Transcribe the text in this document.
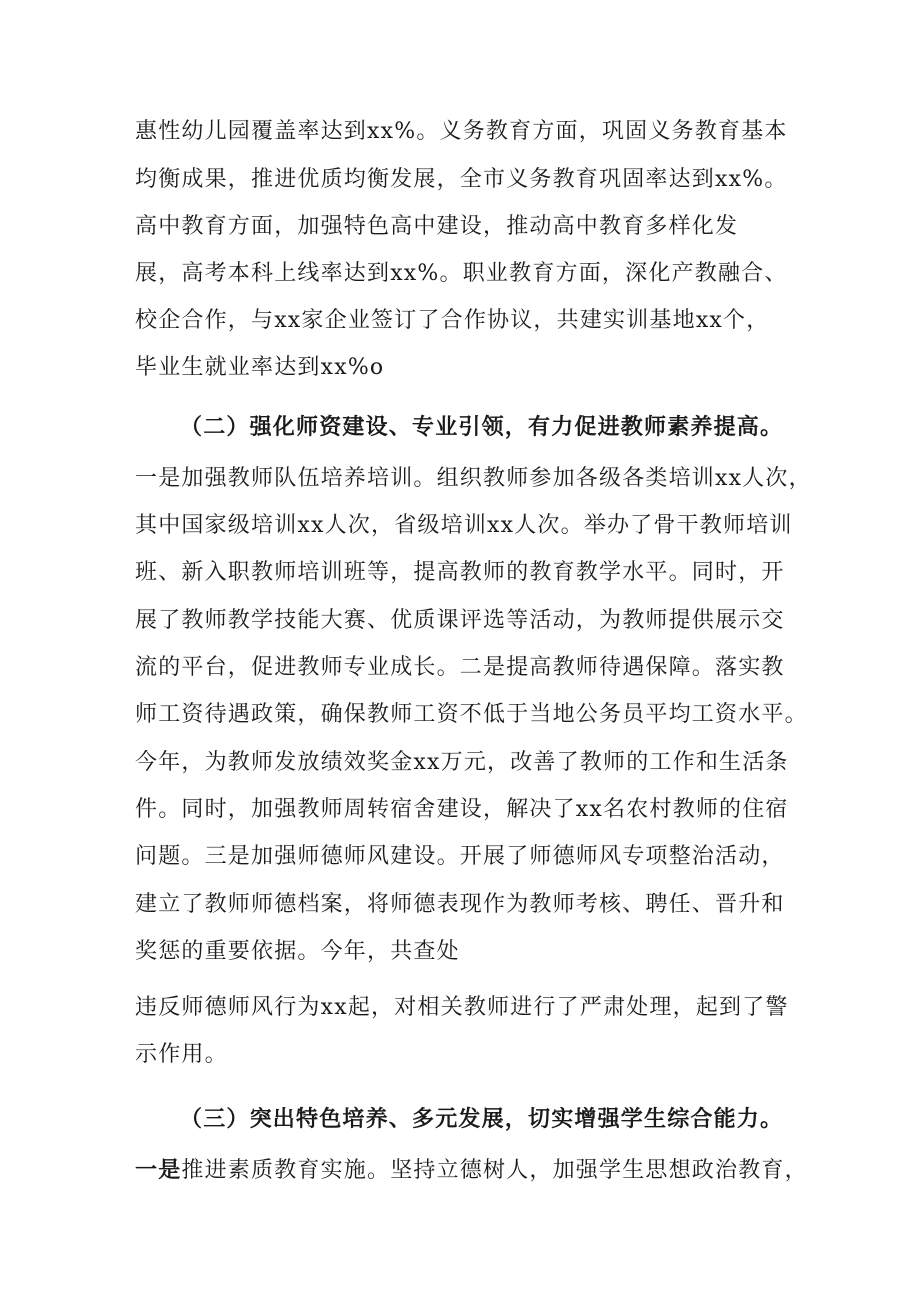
惠性幼儿园覆盖率达到xx%。义务教育方面，巩固义务教育基本
均衡成果，推进优质均衡发展，全市义务教育巩固率达到xx%。
高中教育方面，加强特色高中建设，推动高中教育多样化发
展，高考本科上线率达到xx%。职业教育方面，深化产教融合、
校企合作，与xx家企业签订了合作协议，共建实训基地xx个，
毕业生就业率达到xx%o
（二）强化师资建设、专业引领，有力促进教师素养提高。
一是加强教师队伍培养培训。组织教师参加各级各类培训xx人次，
其中国家级培训xx人次，省级培训xx人次。举办了骨干教师培训
班、新入职教师培训班等，提高教师的教育教学水平。同时，开
展了教师教学技能大赛、优质课评选等活动，为教师提供展示交
流的平台，促进教师专业成长。二是提高教师待遇保障。落实教
师工资待遇政策，确保教师工资不低于当地公务员平均工资水平。
今年，为教师发放绩效奖金xx万元，改善了教师的工作和生活条
件。同时，加强教师周转宿舍建设，解决了xx名农村教师的住宿
问题。三是加强师德师风建设。开展了师德师风专项整治活动，
建立了教师师德档案，将师德表现作为教师考核、聘任、晋升和
奖惩的重要依据。今年，共查处
违反师德师风行为xx起，对相关教师进行了严肃处理，起到了警
示作用。
（三）突出特色培养、多元发展，切实增强学生综合能力。
一是推进素质教育实施。坚持立德树人，加强学生思想政治教育，
